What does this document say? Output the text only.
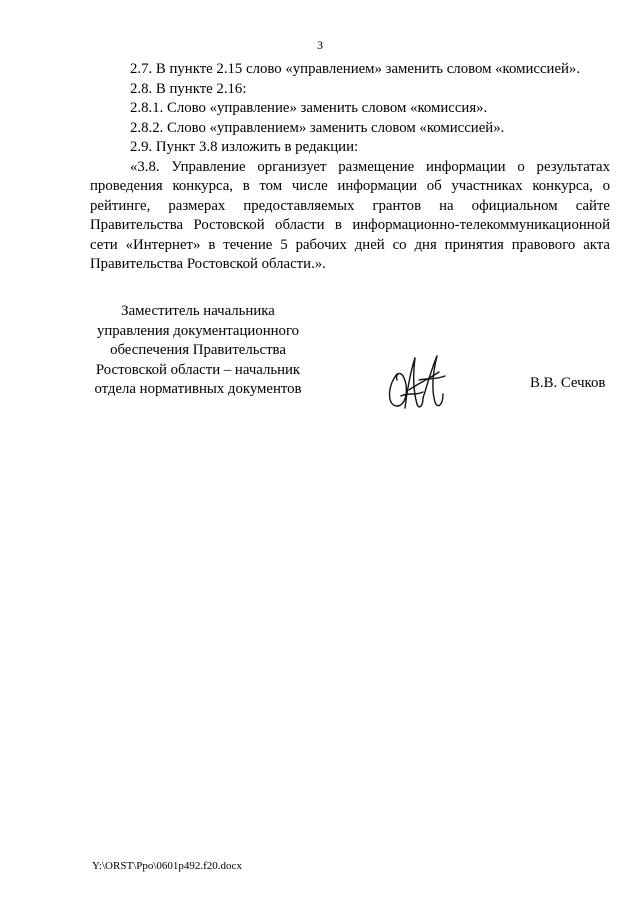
3

2.7. В пункте 2.15 слово «управлением» заменить словом «комиссией».

2.8. В пункте 2.16:

2.8.1. Слово «управление» заменить словом «комиссия».

2.8.2. Слово «управлением» заменить словом «комиссией».

2.9. Пункт 3.8 изложить в редакции:

«3.8. Управление организует размещение информации о результатах проведения конкурса, в том числе информации об участниках конкурса, о рейтинге, размерах предоставляемых грантов на официальном сайте Правительства Ростовской области в информационно-телекоммуникационной сети «Интернет» в течение 5 рабочих дней со дня принятия правового акта Правительства Ростовской области.».

Заместитель начальника
управления документационного
обеспечения Правительства
Ростовской области – начальник
отдела нормативных документов	В.В. Сечков
Y:\ORST\Ppo\0601p492.f20.docx
